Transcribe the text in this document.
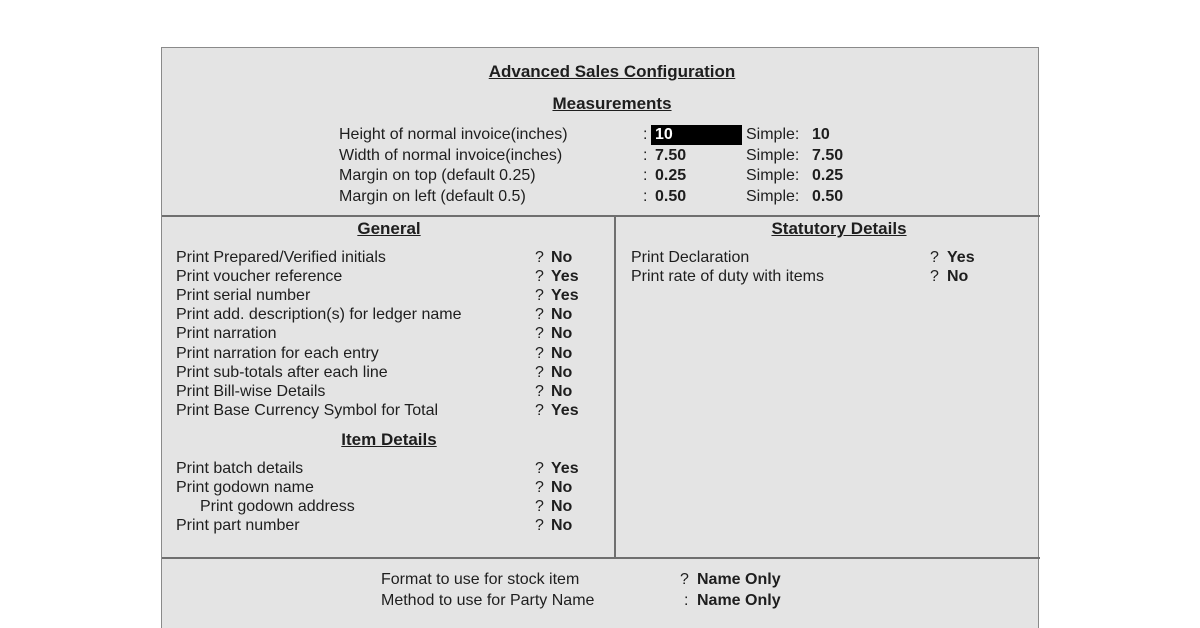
Advanced Sales Configuration
Measurements
Height of normal invoice(inches)	: 10	Simple: 10
Width of normal invoice(inches)	: 7.50	Simple: 7.50
Margin on top (default 0.25)	: 0.25	Simple: 0.25
Margin on left (default 0.5)	: 0.50	Simple: 0.50
General
Print Prepared/Verified initials	? No
Print voucher reference	? Yes
Print serial number	? Yes
Print add. description(s) for ledger name	? No
Print narration	? No
Print narration for each entry	? No
Print sub-totals after each line	? No
Print Bill-wise Details	? No
Print Base Currency Symbol for Total	? Yes
Item Details
Print batch details	? Yes
Print godown name	? No
Print godown address	? No
Print part number	? No
Statutory Details
Print Declaration	? Yes
Print rate of duty with items	? No
Format to use for stock item	? Name Only
Method to use for Party Name	: Name Only
